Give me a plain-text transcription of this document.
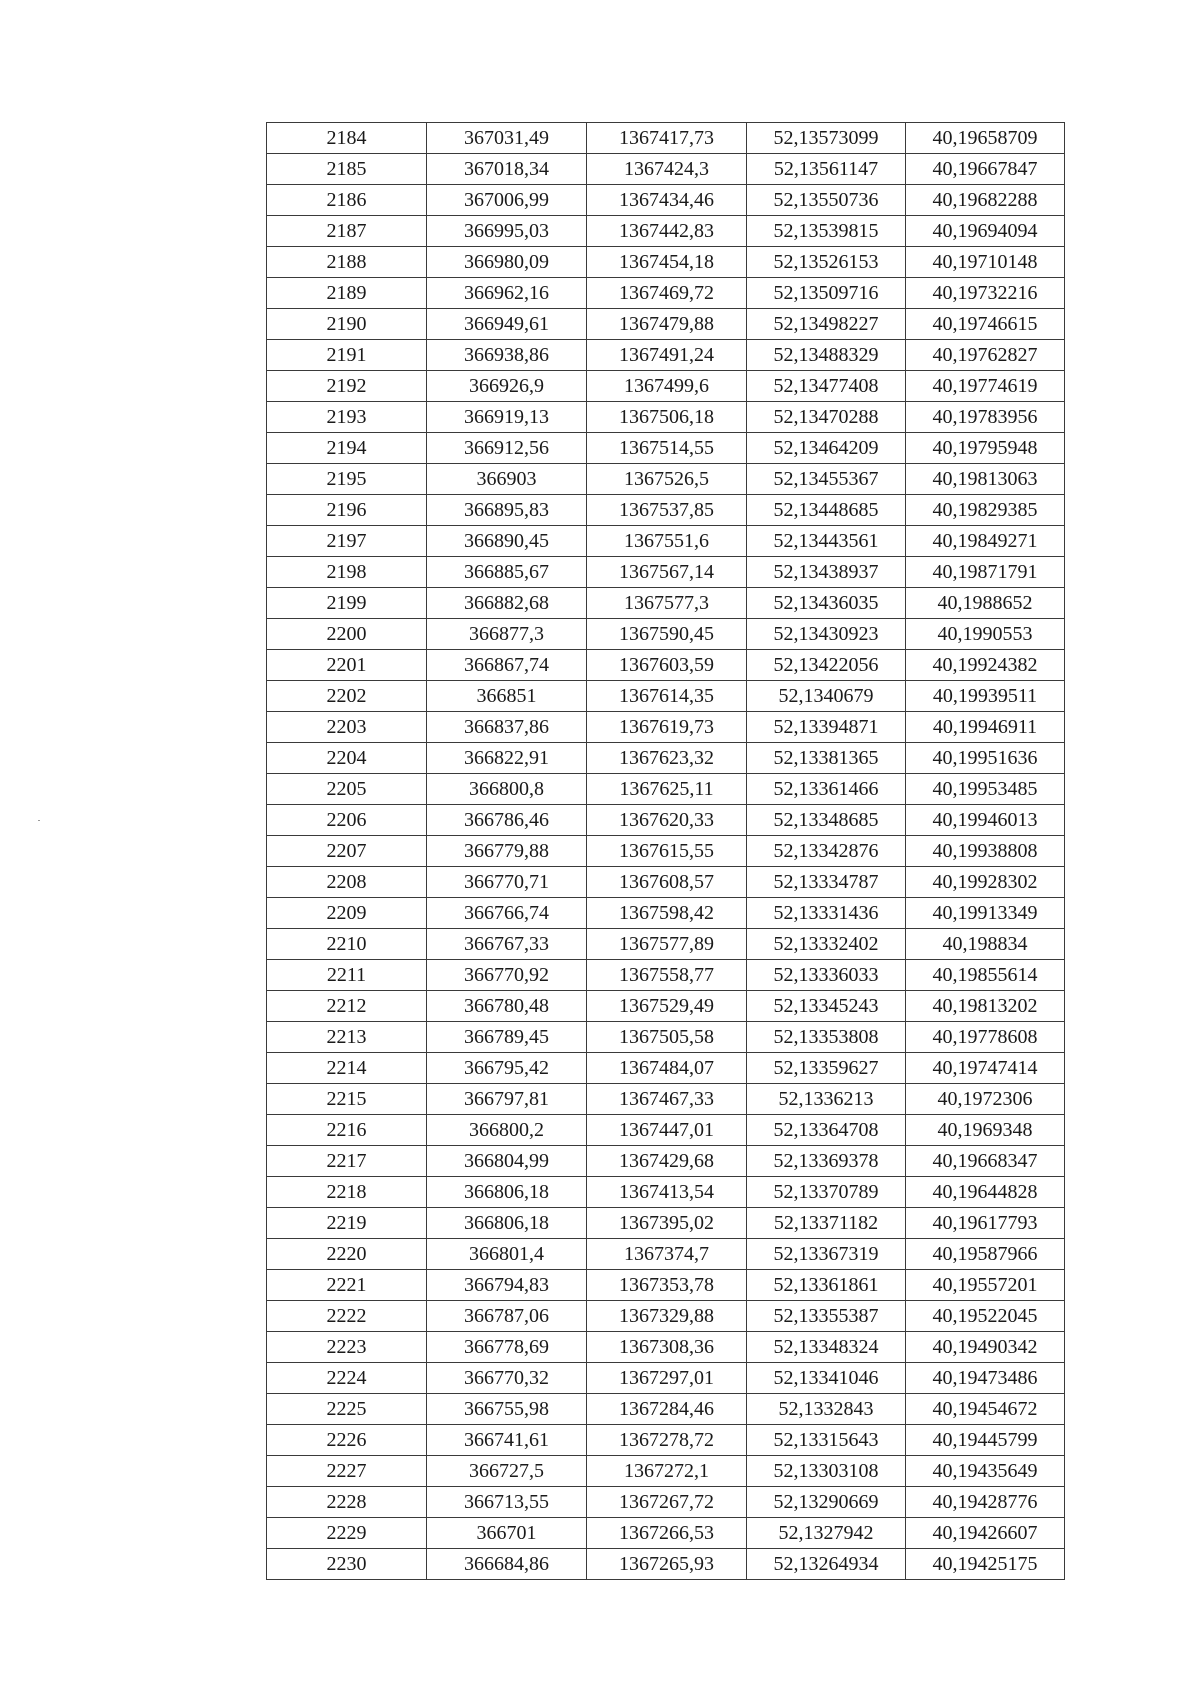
2184	367031,49	1367417,73	52,13573099	40,19658709
2185	367018,34	1367424,3	52,13561147	40,19667847
2186	367006,99	1367434,46	52,13550736	40,19682288
2187	366995,03	1367442,83	52,13539815	40,19694094
2188	366980,09	1367454,18	52,13526153	40,19710148
2189	366962,16	1367469,72	52,13509716	40,19732216
2190	366949,61	1367479,88	52,13498227	40,19746615
2191	366938,86	1367491,24	52,13488329	40,19762827
2192	366926,9	1367499,6	52,13477408	40,19774619
2193	366919,13	1367506,18	52,13470288	40,19783956
2194	366912,56	1367514,55	52,13464209	40,19795948
2195	366903	1367526,5	52,13455367	40,19813063
2196	366895,83	1367537,85	52,13448685	40,19829385
2197	366890,45	1367551,6	52,13443561	40,19849271
2198	366885,67	1367567,14	52,13438937	40,19871791
2199	366882,68	1367577,3	52,13436035	40,1988652
2200	366877,3	1367590,45	52,13430923	40,1990553
2201	366867,74	1367603,59	52,13422056	40,19924382
2202	366851	1367614,35	52,1340679	40,19939511
2203	366837,86	1367619,73	52,13394871	40,19946911
2204	366822,91	1367623,32	52,13381365	40,19951636
2205	366800,8	1367625,11	52,13361466	40,19953485
2206	366786,46	1367620,33	52,13348685	40,19946013
2207	366779,88	1367615,55	52,13342876	40,19938808
2208	366770,71	1367608,57	52,13334787	40,19928302
2209	366766,74	1367598,42	52,13331436	40,19913349
2210	366767,33	1367577,89	52,13332402	40,198834
2211	366770,92	1367558,77	52,13336033	40,19855614
2212	366780,48	1367529,49	52,13345243	40,19813202
2213	366789,45	1367505,58	52,13353808	40,19778608
2214	366795,42	1367484,07	52,13359627	40,19747414
2215	366797,81	1367467,33	52,1336213	40,1972306
2216	366800,2	1367447,01	52,13364708	40,1969348
2217	366804,99	1367429,68	52,13369378	40,19668347
2218	366806,18	1367413,54	52,13370789	40,19644828
2219	366806,18	1367395,02	52,13371182	40,19617793
2220	366801,4	1367374,7	52,13367319	40,19587966
2221	366794,83	1367353,78	52,13361861	40,19557201
2222	366787,06	1367329,88	52,13355387	40,19522045
2223	366778,69	1367308,36	52,13348324	40,19490342
2224	366770,32	1367297,01	52,13341046	40,19473486
2225	366755,98	1367284,46	52,1332843	40,19454672
2226	366741,61	1367278,72	52,13315643	40,19445799
2227	366727,5	1367272,1	52,13303108	40,19435649
2228	366713,55	1367267,72	52,13290669	40,19428776
2229	366701	1367266,53	52,1327942	40,19426607
2230	366684,86	1367265,93	52,13264934	40,19425175
